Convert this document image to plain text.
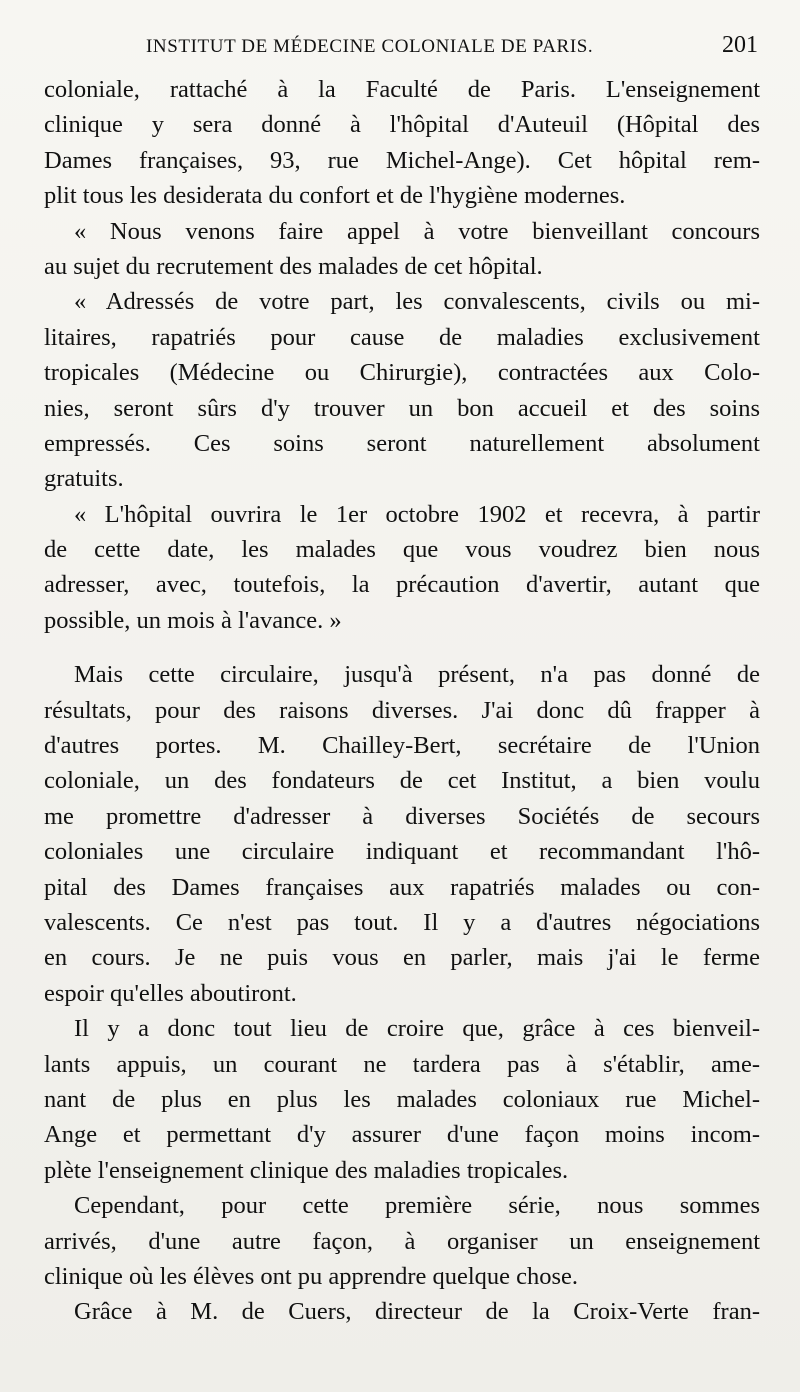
INSTITUT DE MÉDECINE COLONIALE DE PARIS.	201
coloniale, rattaché à la Faculté de Paris. L'enseignement
clinique y sera donné à l'hôpital d'Auteuil (Hôpital des
Dames françaises, 93, rue Michel-Ange). Cet hôpital rem-
plit tous les desiderata du confort et de l'hygiène modernes.
« Nous venons faire appel à votre bienveillant concours
au sujet du recrutement des malades de cet hôpital.
« Adressés de votre part, les convalescents, civils ou mi-
litaires, rapatriés pour cause de maladies exclusivement
tropicales (Médecine ou Chirurgie), contractées aux Colo-
nies, seront sûrs d'y trouver un bon accueil et des soins
empressés. Ces soins seront naturellement absolument
gratuits.
« L'hôpital ouvrira le 1er octobre 1902 et recevra, à partir
de cette date, les malades que vous voudrez bien nous
adresser, avec, toutefois, la précaution d'avertir, autant que
possible, un mois à l'avance. »
Mais cette circulaire, jusqu'à présent, n'a pas donné de
résultats, pour des raisons diverses. J'ai donc dû frapper à
d'autres portes. M. Chailley-Bert, secrétaire de l'Union
coloniale, un des fondateurs de cet Institut, a bien voulu
me promettre d'adresser à diverses Sociétés de secours
coloniales une circulaire indiquant et recommandant l'hô-
pital des Dames françaises aux rapatriés malades ou con-
valescents. Ce n'est pas tout. Il y a d'autres négociations
en cours. Je ne puis vous en parler, mais j'ai le ferme
espoir qu'elles aboutiront.
Il y a donc tout lieu de croire que, grâce à ces bienveil-
lants appuis, un courant ne tardera pas à s'établir, ame-
nant de plus en plus les malades coloniaux rue Michel-
Ange et permettant d'y assurer d'une façon moins incom-
plète l'enseignement clinique des maladies tropicales.
Cependant, pour cette première série, nous sommes
arrivés, d'une autre façon, à organiser un enseignement
clinique où les élèves ont pu apprendre quelque chose.
Grâce à M. de Cuers, directeur de la Croix-Verte fran-
